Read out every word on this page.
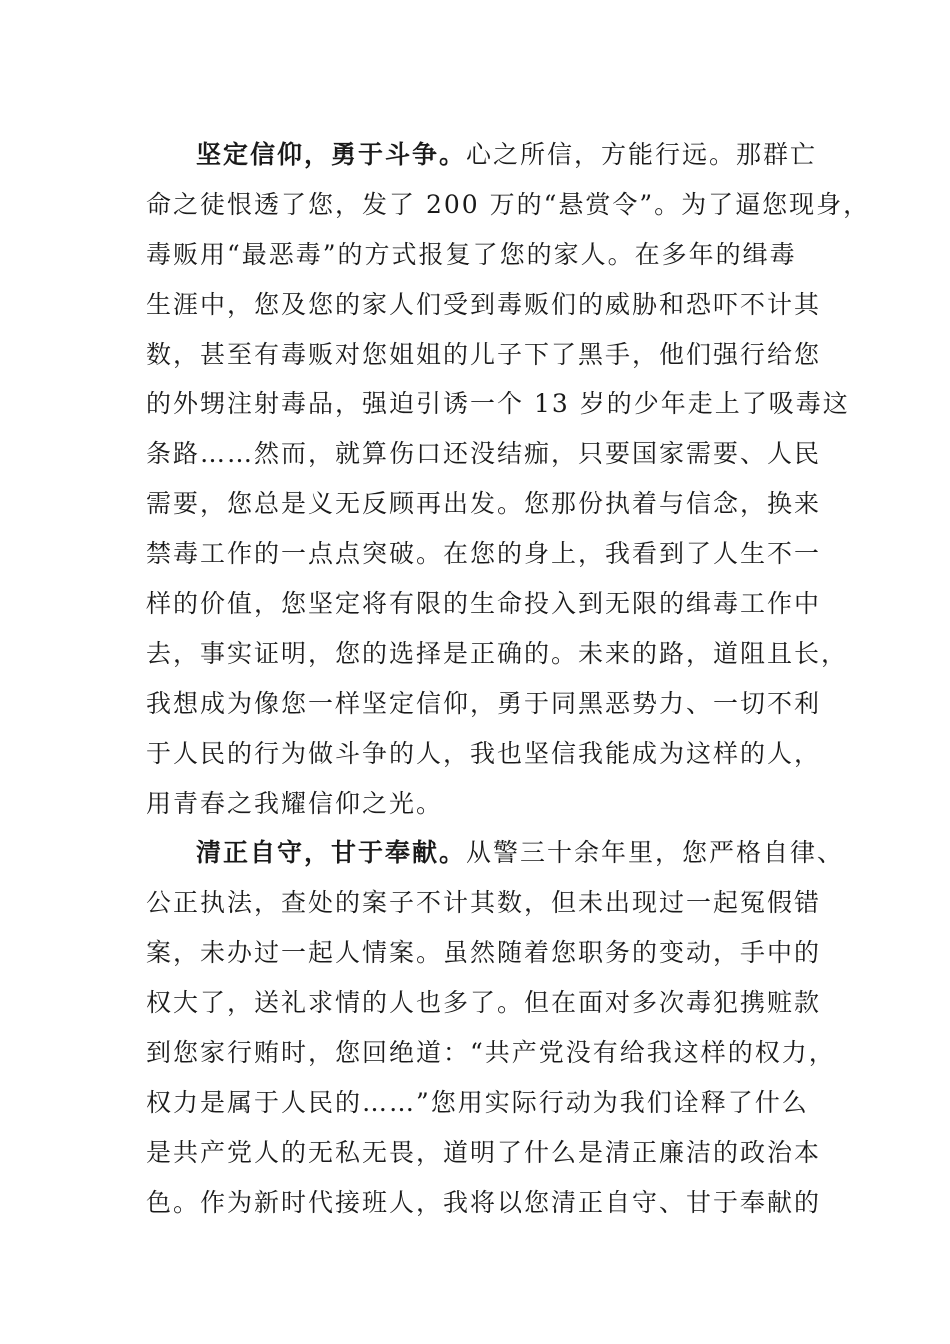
坚定信仰，勇于斗争。心之所信，方能行远。那群亡
命之徒恨透了您，发了 200 万的“悬赏令”。为了逼您现身，
毒贩用“最恶毒”的方式报复了您的家人。在多年的缉毒
生涯中，您及您的家人们受到毒贩们的威胁和恐吓不计其
数，甚至有毒贩对您姐姐的儿子下了黑手，他们强行给您
的外甥注射毒品，强迫引诱一个 13 岁的少年走上了吸毒这
条路……然而，就算伤口还没结痂，只要国家需要、人民
需要，您总是义无反顾再出发。您那份执着与信念，换来
禁毒工作的一点点突破。在您的身上，我看到了人生不一
样的价值，您坚定将有限的生命投入到无限的缉毒工作中
去，事实证明，您的选择是正确的。未来的路，道阻且长，
我想成为像您一样坚定信仰，勇于同黑恶势力、一切不利
于人民的行为做斗争的人，我也坚信我能成为这样的人，
用青春之我耀信仰之光。
清正自守，甘于奉献。从警三十余年里，您严格自律、
公正执法，查处的案子不计其数，但未出现过一起冤假错
案，未办过一起人情案。虽然随着您职务的变动，手中的
权大了，送礼求情的人也多了。但在面对多次毒犯携赃款
到您家行贿时，您回绝道：“共产党没有给我这样的权力，
权力是属于人民的……”您用实际行动为我们诠释了什么
是共产党人的无私无畏，道明了什么是清正廉洁的政治本
色。作为新时代接班人，我将以您清正自守、甘于奉献的
